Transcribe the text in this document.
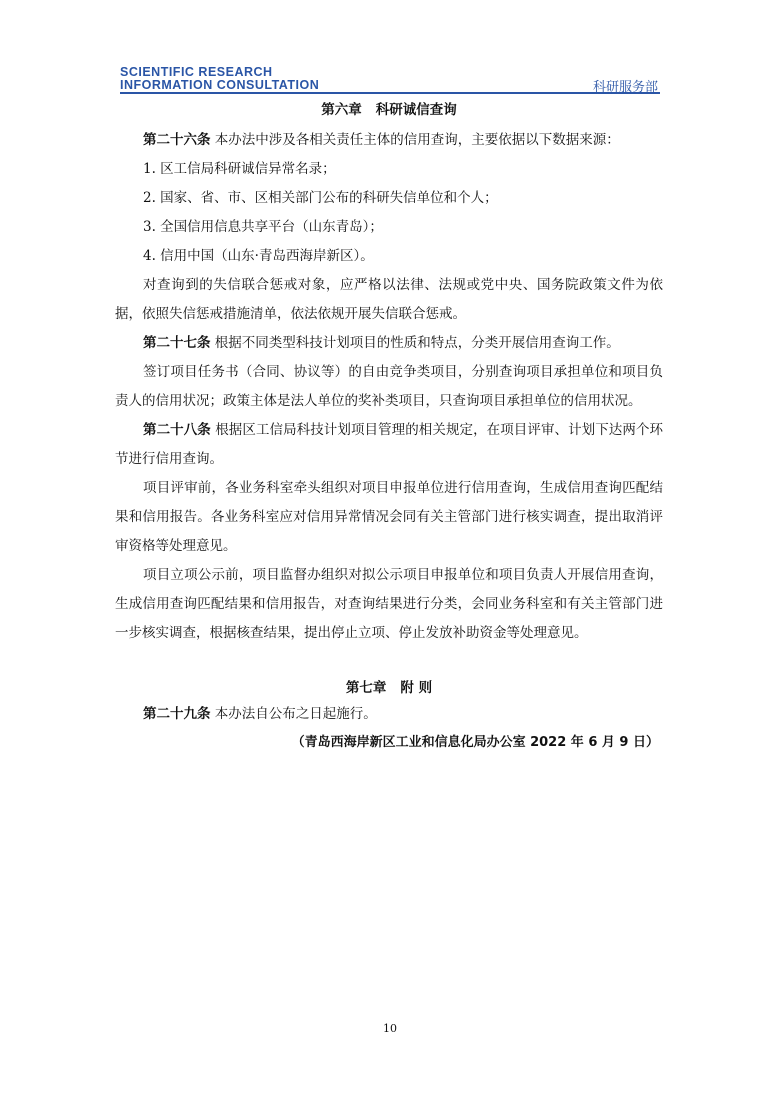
SCIENTIFIC RESEARCH
INFORMATION CONSULTATION	科研服务部

第六章 科研诚信查询

第二十六条 本办法中涉及各相关责任主体的信用查询，主要依据以下数据来源：

1. 区工信局科研诚信异常名录；

2. 国家、省、市、区相关部门公布的科研失信单位和个人；

3. 全国信用信息共享平台（山东青岛）；

4. 信用中国（山东·青岛西海岸新区）。

对查询到的失信联合惩戒对象，应严格以法律、法规或党中央、国务院政策文件为依据，依照失信惩戒措施清单，依法依规开展失信联合惩戒。

第二十七条 根据不同类型科技计划项目的性质和特点，分类开展信用查询工作。

签订项目任务书（合同、协议等）的自由竞争类项目，分别查询项目承担单位和项目负责人的信用状况；政策主体是法人单位的奖补类项目，只查询项目承担单位的信用状况。

第二十八条 根据区工信局科技计划项目管理的相关规定，在项目评审、计划下达两个环节进行信用查询。

项目评审前，各业务科室牵头组织对项目申报单位进行信用查询，生成信用查询匹配结果和信用报告。各业务科室应对信用异常情况会同有关主管部门进行核实调查，提出取消评审资格等处理意见。

项目立项公示前，项目监督办组织对拟公示项目申报单位和项目负责人开展信用查询，生成信用查询匹配结果和信用报告，对查询结果进行分类，会同业务科室和有关主管部门进一步核实调查，根据核查结果，提出停止立项、停止发放补助资金等处理意见。

第七章 附 则

第二十九条 本办法自公布之日起施行。

（青岛西海岸新区工业和信息化局办公室 2022 年 6 月 9 日）

10
